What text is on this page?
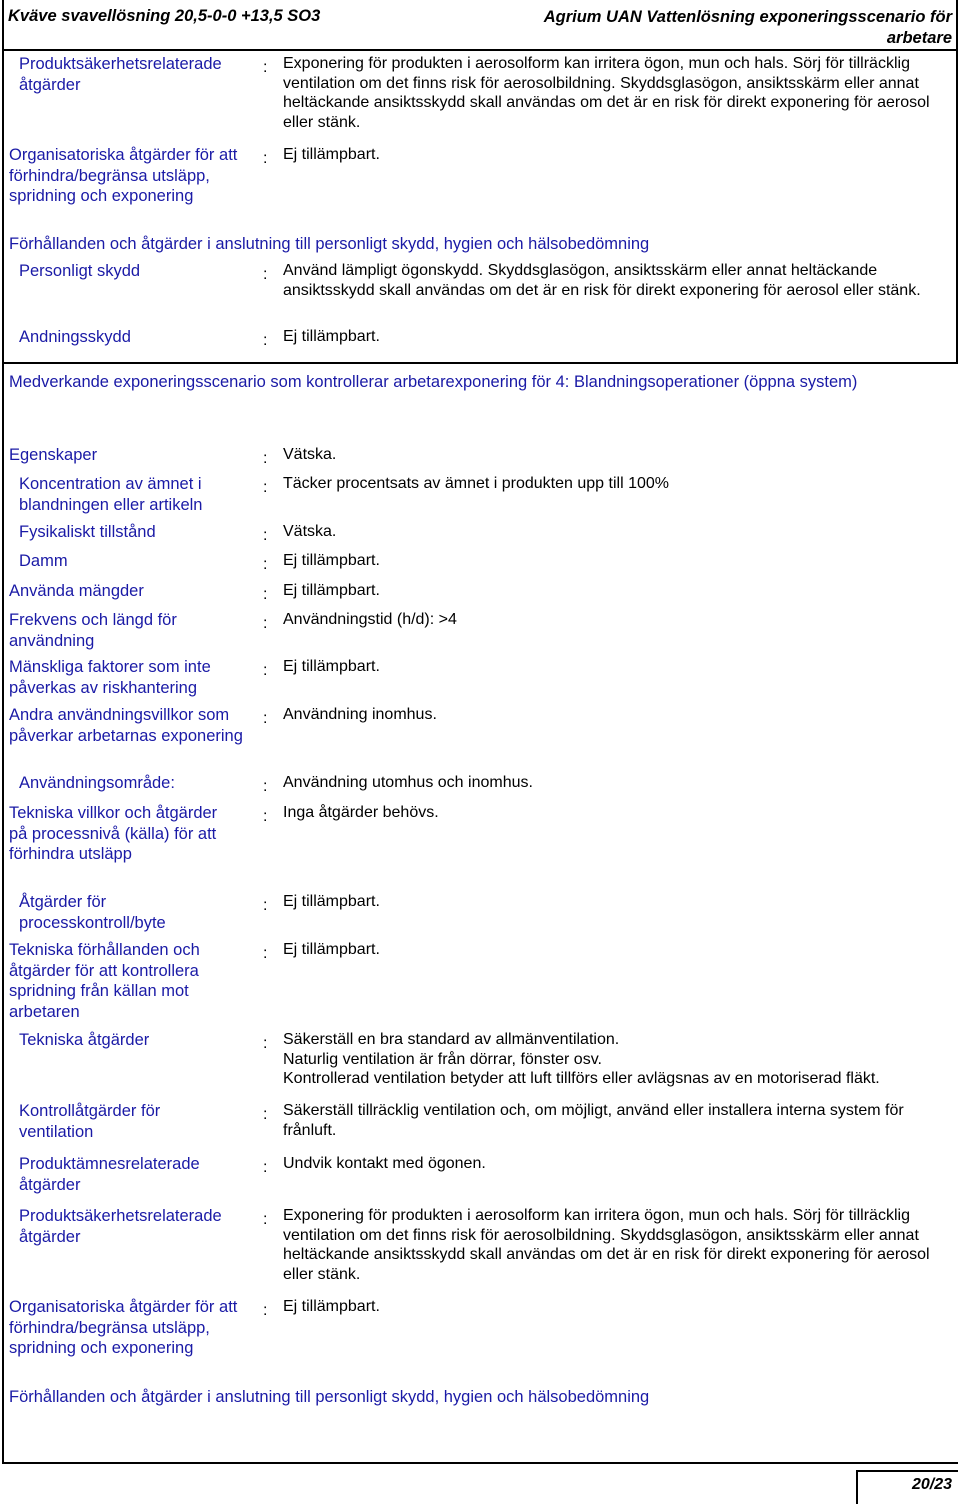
Kväve svavellösning 20,5-0-0 +13,5 SO3	Agrium UAN Vattenlösning exponeringsscenario för arbetare
Produktsäkerhetsrelaterade åtgärder
: Exponering för produkten i aerosolform kan irritera ögon, mun och hals. Sörj för tillräcklig ventilation om det finns risk för aerosolbildning. Skyddsglasögon, ansiktsskärm eller annat heltäckande ansiktsskydd skall användas om det är en risk för direkt exponering för aerosol eller stänk.
Organisatoriska åtgärder för att förhindra/begränsa utsläpp, spridning och exponering
: Ej tillämpbart.
Förhållanden och åtgärder i anslutning till personligt skydd, hygien och hälsobedömning
Personligt skydd	: Använd lämpligt ögonskydd. Skyddsglasögon, ansiktsskärm eller annat heltäckande ansiktsskydd skall användas om det är en risk för direkt exponering för aerosol eller stänk.
Andningsskydd	: Ej tillämpbart.
Medverkande exponeringsscenario som kontrollerar arbetarexponering för 4: Blandningsoperationer (öppna system)
Egenskaper	: Vätska.
Koncentration av ämnet i blandningen eller artikeln
: Täcker procentsats av ämnet i produkten upp till 100%
Fysikaliskt tillstånd	: Vätska.
Damm	: Ej tillämpbart.
Använda mängder	: Ej tillämpbart.
Frekvens och längd för användning
: Användningstid (h/d): >4
Mänskliga faktorer som inte påverkas av riskhantering
: Ej tillämpbart.
Andra användningsvillkor som påverkar arbetarnas exponering
: Användning inomhus.
Användningsområde:	: Användning utomhus och inomhus.
Tekniska villkor och åtgärder på processnivå (källa) för att förhindra utsläpp
: Inga åtgärder behövs.
Åtgärder för processkontroll/byte
: Ej tillämpbart.
Tekniska förhållanden och åtgärder för att kontrollera spridning från källan mot arbetaren
: Ej tillämpbart.
Tekniska åtgärder	: Säkerställ en bra standard av allmänventilation.
Naturlig ventilation är från dörrar, fönster osv.
Kontrollerad ventilation betyder att luft tillförs eller avlägsnas av en motoriserad fläkt.
Kontrollåtgärder för ventilation
: Säkerställ tillräcklig ventilation och, om möjligt, använd eller installera interna system för frånluft.
Produktämnesrelaterade åtgärder
: Undvik kontakt med ögonen.
Produktsäkerhetsrelaterade åtgärder
: Exponering för produkten i aerosolform kan irritera ögon, mun och hals. Sörj för tillräcklig ventilation om det finns risk för aerosolbildning. Skyddsglasögon, ansiktsskärm eller annat heltäckande ansiktsskydd skall användas om det är en risk för direkt exponering för aerosol eller stänk.
Organisatoriska åtgärder för att förhindra/begränsa utsläpp, spridning och exponering
: Ej tillämpbart.
Förhållanden och åtgärder i anslutning till personligt skydd, hygien och hälsobedömning
20/23
